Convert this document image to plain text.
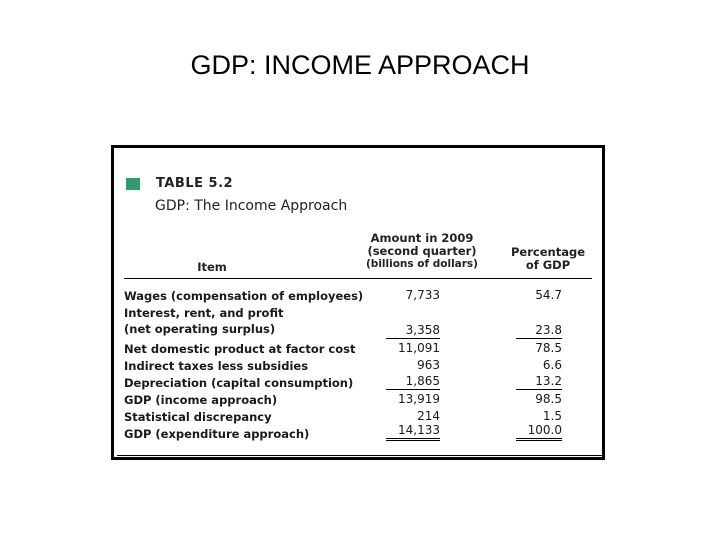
GDP: INCOME APPROACH
TABLE 5.2
GDP: The Income Approach
Item
Amount in 2009
(second quarter)
(billions of dollars)
Percentage
of GDP
Wages (compensation of employees)	7,733	54.7
Interest, rent, and profit
(net operating surplus)	3,358	23.8
Net domestic product at factor cost	11,091	78.5
Indirect taxes less subsidies	963	6.6
Depreciation (capital consumption)	1,865	13.2
GDP (income approach)	13,919	98.5
Statistical discrepancy	214	1.5
GDP (expenditure approach)	14,133	100.0
